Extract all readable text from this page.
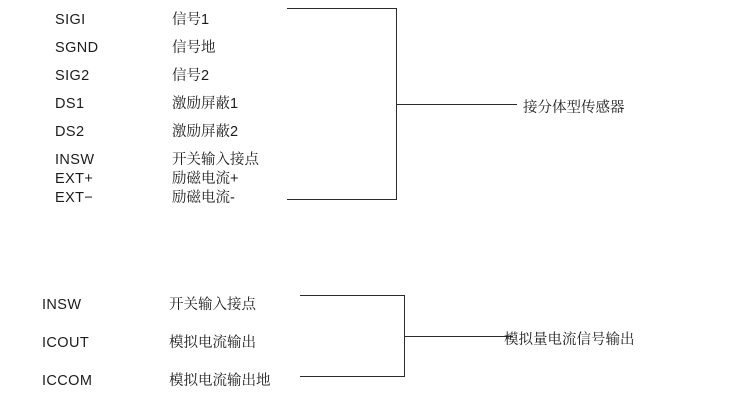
SIGI	信号1
SGND	信号地
SIG2	信号2
DS1	激励屏蔽1
DS2	激励屏蔽2
INSW	开关输入接点
EXT+	励磁电流+
EXT−	励磁电流-
接分体型传感器
INSW	开关输入接点
ICOUT	模拟电流输出
ICCOM	模拟电流输出地
模拟量电流信号输出
